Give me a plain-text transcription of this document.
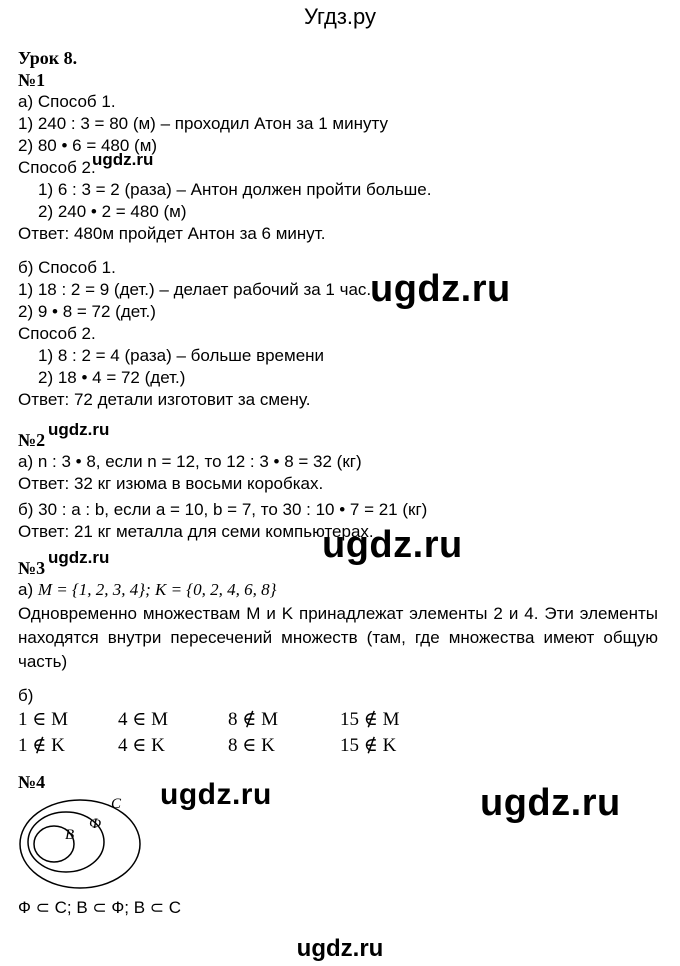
Угдз.ру
Урок 8.
№1
а) Способ 1.
1) 240 : 3 = 80 (м) – проходил Атон за 1 минуту
2) 80 • 6 = 480 (м)
Способ 2.
1) 6 : 3 = 2 (раза) – Антон должен пройти больше.
2) 240 • 2 = 480 (м)
Ответ: 480м пройдет Антон за 6 минут.
б) Способ 1.
1) 18 : 2 = 9 (дет.) – делает рабочий за 1 час.
2) 9 • 8 = 72 (дет.)
Способ 2.
1) 8 : 2 = 4 (раза) – больше времени
2) 18 • 4 = 72 (дет.)
Ответ: 72 детали изготовит за смену.
№2
а) n : 3 • 8, если n = 12, то 12 : 3 • 8 = 32 (кг)
Ответ: 32 кг изюма в восьми коробках.
б) 30 : a : b, если a = 10, b = 7, то 30 : 10 • 7 = 21 (кг)
Ответ: 21 кг металла для семи компьютерах.
№3
а) M = {1, 2, 3, 4}; K = {0, 2, 4, 6, 8}
Одновременно множествам M и K принадлежат элементы 2 и 4. Эти элементы находятся внутри пересечений множеств (там, где множества имеют общую часть)
б)
1 ∈ M	4 ∈ M	8 ∉ M	15 ∉ M
1 ∉ K	4 ∈ K	8 ∈ K	15 ∉ K
№4
C
Ф
B
Ф ⊂ C; B ⊂ Ф; B ⊂ C
ugdz.ru
ugdz.ru
ugdz.ru
ugdz.ru
ugdz.ru
ugdz.ru	ugdz.ru
ugdz.ru
